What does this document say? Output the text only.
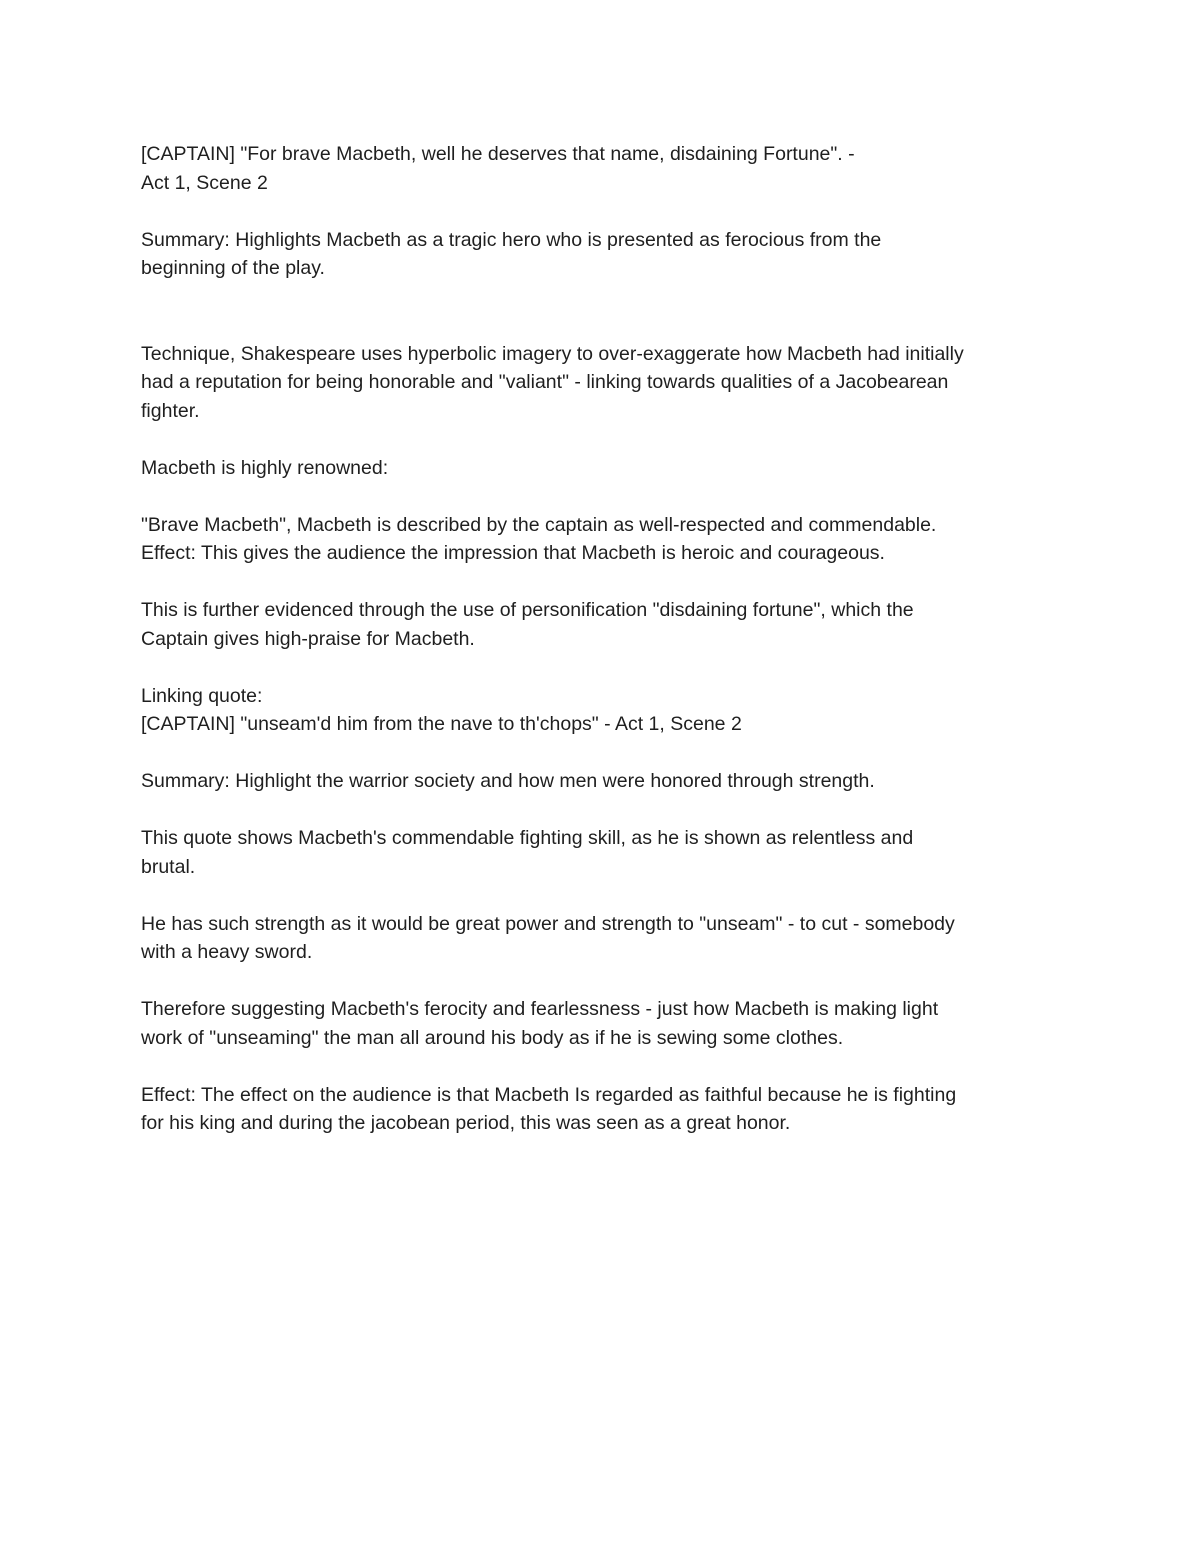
[CAPTAIN] "For brave Macbeth, well he deserves that name, disdaining Fortune". -

Act 1, Scene 2

Summary: Highlights Macbeth as a tragic hero who is presented as ferocious from the

beginning of the play.

Technique, Shakespeare uses hyperbolic imagery to over-exaggerate how Macbeth had initially

had a reputation for being honorable and "valiant" - linking towards qualities of a Jacobearean

fighter.

Macbeth is highly renowned:

"Brave Macbeth", Macbeth is described by the captain as well-respected and commendable.

Effect: This gives the audience the impression that Macbeth is heroic and courageous.

This is further evidenced through the use of personification "disdaining fortune", which the

Captain gives high-praise for Macbeth.

Linking quote:

[CAPTAIN] "unseam'd him from the nave to th'chops" - Act 1, Scene 2

Summary: Highlight the warrior society and how men were honored through strength.

This quote shows Macbeth's commendable fighting skill, as he is shown as relentless and

brutal.

He has such strength as it would be great power and strength to "unseam" - to cut - somebody

with a heavy sword.

Therefore suggesting Macbeth's ferocity and fearlessness - just how Macbeth is making light

work of "unseaming" the man all around his body as if he is sewing some clothes.

Effect: The effect on the audience is that Macbeth Is regarded as faithful because he is fighting

for his king and during the jacobean period, this was seen as a great honor.
